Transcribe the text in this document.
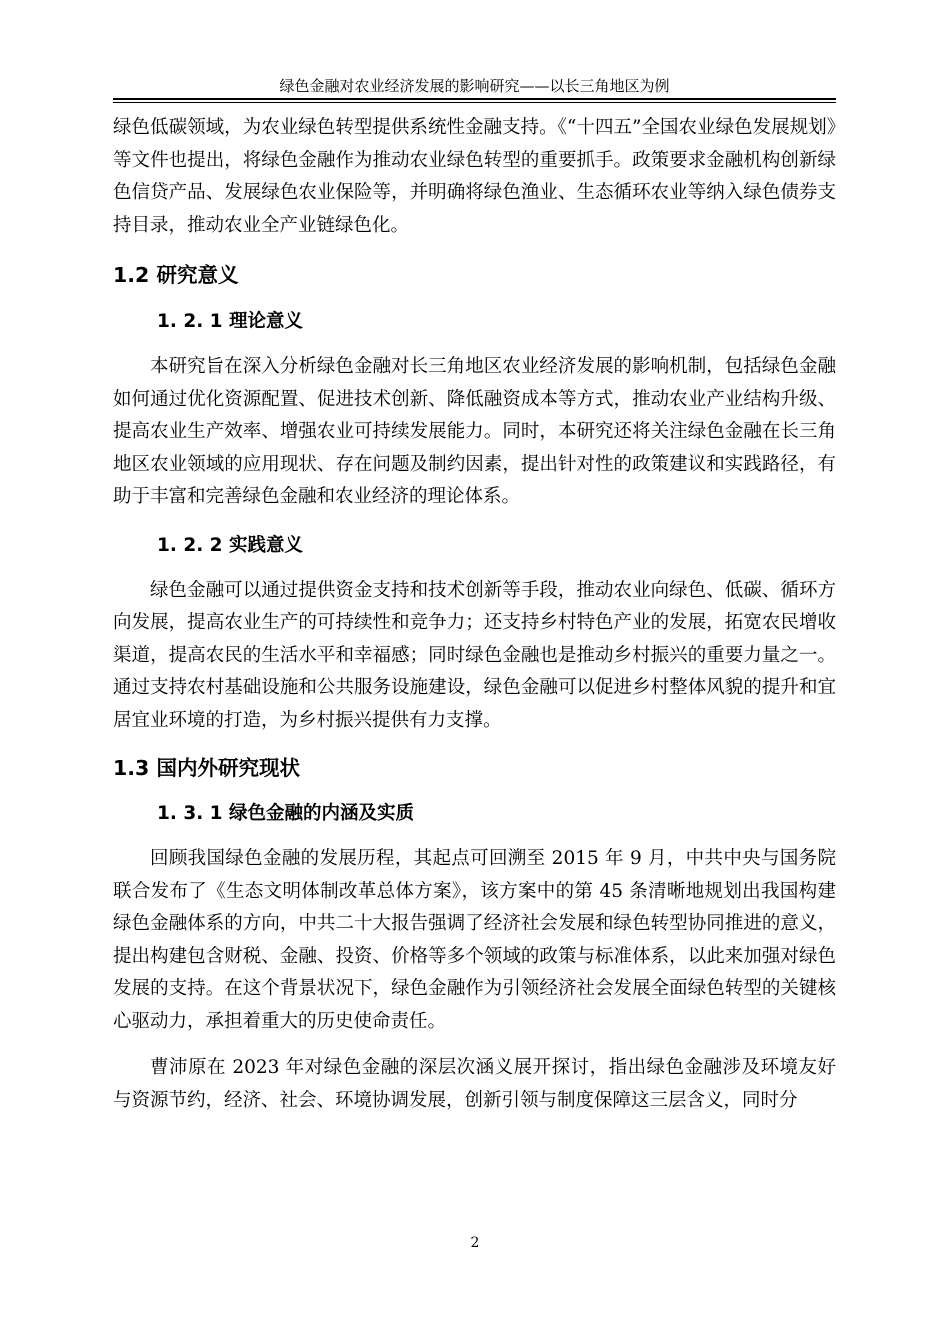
绿色金融对农业经济发展的影响研究——以长三角地区为例

绿色低碳领域，为农业绿色转型提供系统性金融支持。《“十四五”全国农业绿色发展规划》等文件也提出，将绿色金融作为推动农业绿色转型的重要抓手。政策要求金融机构创新绿色信贷产品、发展绿色农业保险等，并明确将绿色渔业、生态循环农业等纳入绿色债券支持目录，推动农业全产业链绿色化。

1.2 研究意义
1. 2. 1 理论意义

本研究旨在深入分析绿色金融对长三角地区农业经济发展的影响机制，包括绿色金融如何通过优化资源配置、促进技术创新、降低融资成本等方式，推动农业产业结构升级、提高农业生产效率、增强农业可持续发展能力。同时，本研究还将关注绿色金融在长三角地区农业领域的应用现状、存在问题及制约因素，提出针对性的政策建议和实践路径，有助于丰富和完善绿色金融和农业经济的理论体系。

1. 2. 2 实践意义

绿色金融可以通过提供资金支持和技术创新等手段，推动农业向绿色、低碳、循环方向发展，提高农业生产的可持续性和竞争力；还支持乡村特色产业的发展，拓宽农民增收渠道，提高农民的生活水平和幸福感；同时绿色金融也是推动乡村振兴的重要力量之一。通过支持农村基础设施和公共服务设施建设，绿色金融可以促进乡村整体风貌的提升和宜居宜业环境的打造，为乡村振兴提供有力支撑。

1.3 国内外研究现状
1. 3. 1 绿色金融的内涵及实质

回顾我国绿色金融的发展历程，其起点可回溯至 2015 年 9 月，中共中央与国务院联合发布了《生态文明体制改革总体方案》，该方案中的第 45 条清晰地规划出我国构建绿色金融体系的方向，中共二十大报告强调了经济社会发展和绿色转型协同推进的意义，提出构建包含财税、金融、投资、价格等多个领域的政策与标准体系，以此来加强对绿色发展的支持。在这个背景状况下，绿色金融作为引领经济社会发展全面绿色转型的关键核心驱动力，承担着重大的历史使命责任。

曹沛原在 2023 年对绿色金融的深层次涵义展开探讨，指出绿色金融涉及环境友好与资源节约，经济、社会、环境协调发展，创新引领与制度保障这三层含义，同时分

2
